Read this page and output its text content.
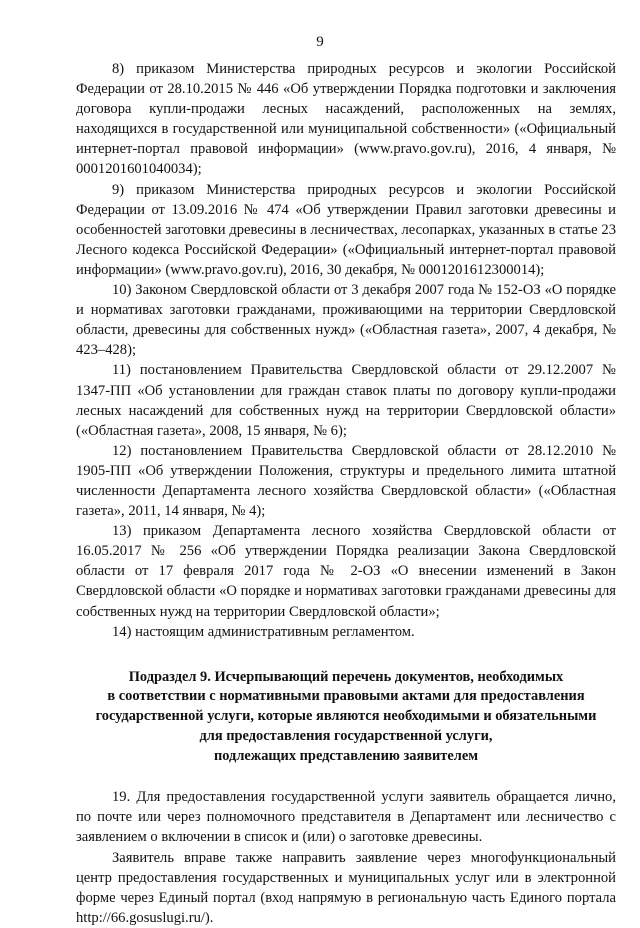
9

8) приказом Министерства природных ресурсов и экологии Российской Федерации от 28.10.2015 № 446 «Об утверждении Порядка подготовки и заключения договора купли-продажи лесных насаждений, расположенных на землях, находящихся в государственной или муниципальной собственности» («Официальный интернет-портал правовой информации» (www.pravo.gov.ru), 2016, 4 января, № 0001201601040034);

9) приказом Министерства природных ресурсов и экологии Российской Федерации от 13.09.2016 № 474 «Об утверждении Правил заготовки древесины и особенностей заготовки древесины в лесничествах, лесопарках, указанных в статье 23 Лесного кодекса Российской Федерации» («Официальный интернет-портал правовой информации» (www.pravo.gov.ru), 2016, 30 декабря, № 0001201612300014);

10) Законом Свердловской области от 3 декабря 2007 года № 152-ОЗ «О порядке и нормативах заготовки гражданами, проживающими на территории Свердловской области, древесины для собственных нужд» («Областная газета», 2007, 4 декабря, № 423–428);

11) постановлением Правительства Свердловской области от 29.12.2007 № 1347-ПП «Об установлении для граждан ставок платы по договору купли-продажи лесных насаждений для собственных нужд на территории Свердловской области» («Областная газета», 2008, 15 января, № 6);

12) постановлением Правительства Свердловской области от 28.12.2010 № 1905-ПП «Об утверждении Положения, структуры и предельного лимита штатной численности Департамента лесного хозяйства Свердловской области» («Областная газета», 2011, 14 января, № 4);

13) приказом Департамента лесного хозяйства Свердловской области от 16.05.2017 № 256 «Об утверждении Порядка реализации Закона Свердловской области от 17 февраля 2017 года № 2-ОЗ «О внесении изменений в Закон Свердловской области «О порядке и нормативах заготовки гражданами древесины для собственных нужд на территории Свердловской области»;

14) настоящим административным регламентом.

Подраздел 9. Исчерпывающий перечень документов, необходимых
в соответствии с нормативными правовыми актами для предоставления
государственной услуги, которые являются необходимыми и обязательными
для предоставления государственной услуги,
подлежащих представлению заявителем

19. Для предоставления государственной услуги заявитель обращается лично, по почте или через полномочного представителя в Департамент или лесничество с заявлением о включении в список и (или) о заготовке древесины.

Заявитель вправе также направить заявление через многофункциональный центр предоставления государственных и муниципальных услуг или в электронной форме через Единый портал (вход напрямую в региональную часть Единого портала http://66.gosuslugi.ru/).
